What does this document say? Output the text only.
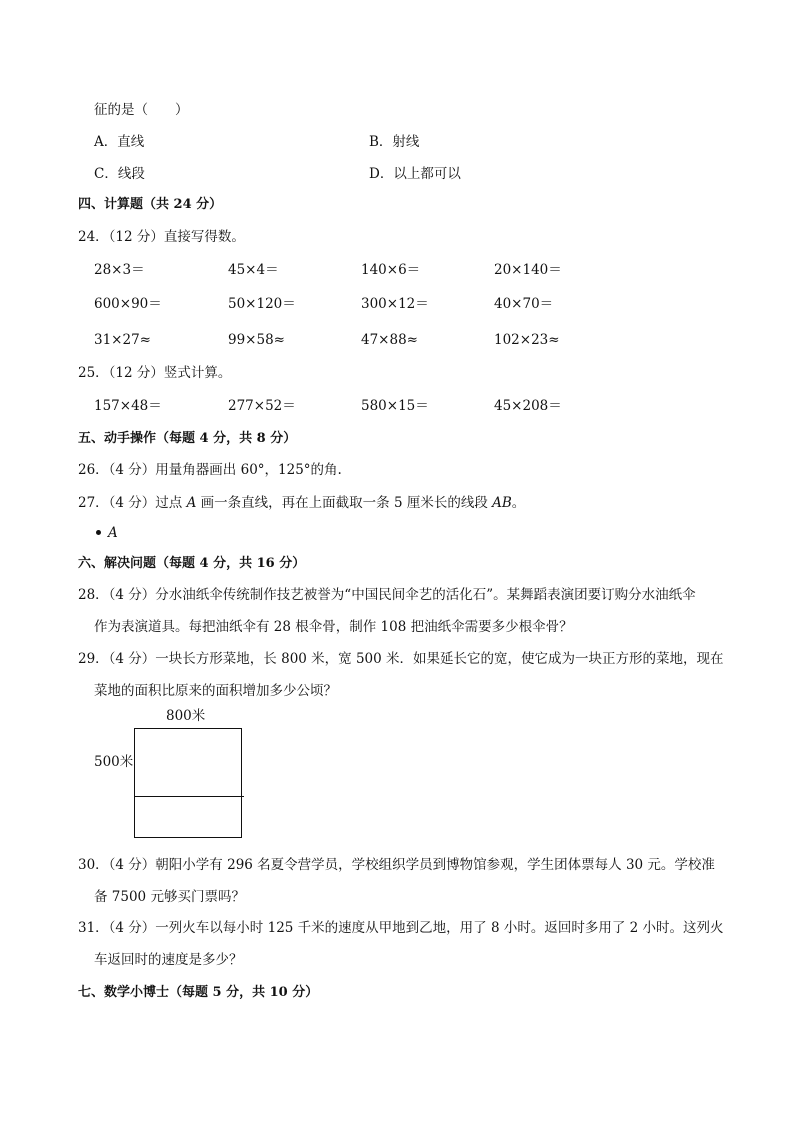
征的是（　　）
A．直线	B．射线
C．线段	D．以上都可以
四、计算题（共 24 分）
24．（12 分）直接写得数。
28×3＝	45×4＝	140×6＝	20×140＝
600×90＝	50×120＝	300×12＝	40×70＝
31×27≈	99×58≈	47×88≈	102×23≈
25．（12 分）竖式计算。
157×48＝	277×52＝	580×15＝	45×208＝
五、动手操作（每题 4 分，共 8 分）
26．（4 分）用量角器画出 60°，125°的角.
27．（4 分）过点 A 画一条直线，再在上面截取一条 5 厘米长的线段 AB。
A
六、解决问题（每题 4 分，共 16 分）
28．（4 分）分水油纸伞传统制作技艺被誉为“中国民间伞艺的活化石”。某舞蹈表演团要订购分水油纸伞
作为表演道具。每把油纸伞有 28 根伞骨，制作 108 把油纸伞需要多少根伞骨？
29．（4 分）一块长方形菜地，长 800 米，宽 500 米．如果延长它的宽，使它成为一块正方形的菜地，现在
菜地的面积比原来的面积增加多少公顷？
800米
500米
30．（4 分）朝阳小学有 296 名夏令营学员，学校组织学员到博物馆参观，学生团体票每人 30 元。学校准
备 7500 元够买门票吗？
31．（4 分）一列火车以每小时 125 千米的速度从甲地到乙地，用了 8 小时。返回时多用了 2 小时。这列火
车返回时的速度是多少？
七、数学小博士（每题 5 分，共 10 分）
